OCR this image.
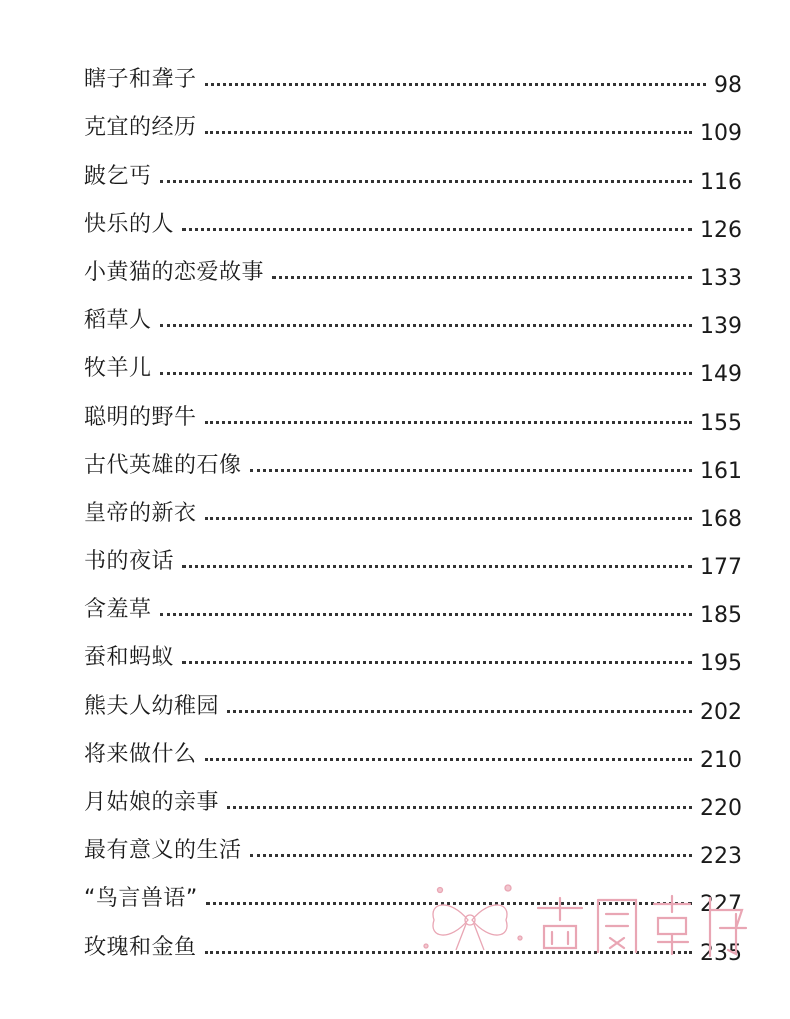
瞎子和聋子	98
克宜的经历	109
跛乞丐	116
快乐的人	126
小黄猫的恋爱故事	133
稻草人	139
牧羊儿	149
聪明的野牛	155
古代英雄的石像	161
皇帝的新衣	168
书的夜话	177
含羞草	185
蚕和蚂蚁	195
熊夫人幼稚园	202
将来做什么	210
月姑娘的亲事	220
最有意义的生活	223
“鸟言兽语”	227
玫瑰和金鱼	235
